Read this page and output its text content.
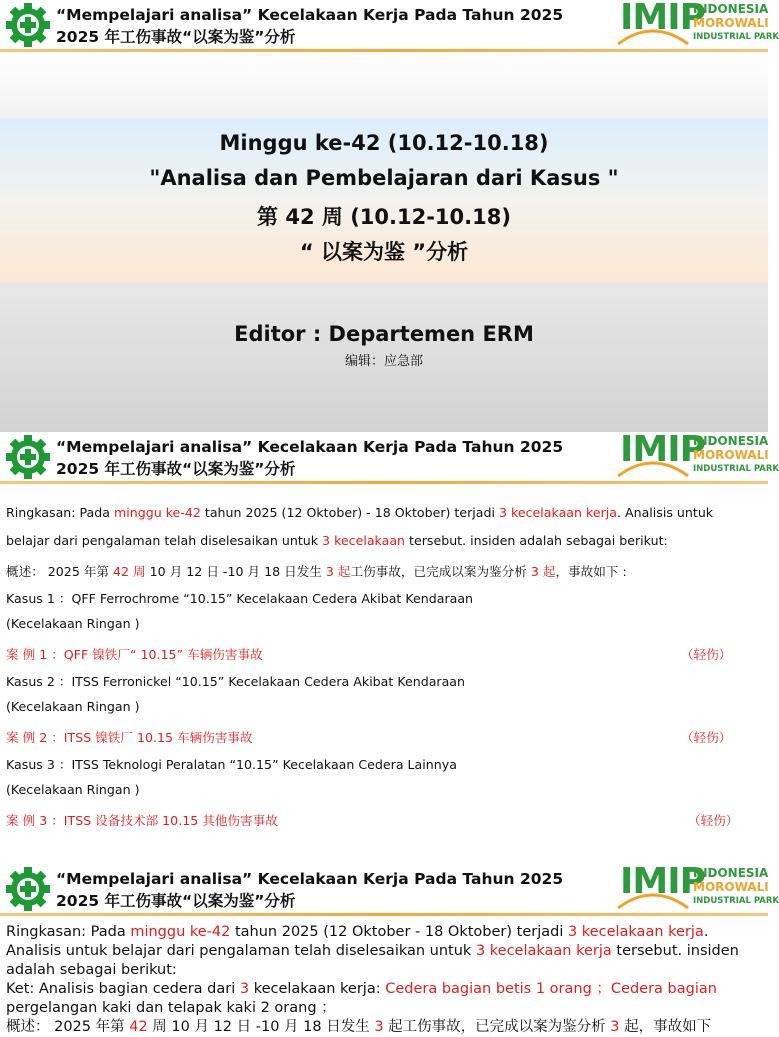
“Mempelajari analisa” Kecelakaan Kerja Pada Tahun 2025
2025 年工伤事故“以案为鉴”分析	IMIP
INDONESIA
MOROWALI
INDUSTRIAL PARK
Minggu ke-42 (10.12-10.18)
"Analisa dan Pembelajaran dari Kasus "
第 42 周 (10.12-10.18)
“ 以案为鉴 ”分析
Editor : Departemen ERM
编辑：应急部
“Mempelajari analisa” Kecelakaan Kerja Pada Tahun 2025
2025 年工伤事故“以案为鉴”分析	IMIP
INDONESIA
MOROWALI
INDUSTRIAL PARK
Ringkasan: Pada minggu ke-42 tahun 2025 (12 Oktober) - 18 Oktober) terjadi 3 kecelakaan kerja. Analisis untuk
belajar dari pengalaman telah diselesaikan untuk 3 kecelakaan tersebut. insiden adalah sebagai berikut:
概述： 2025 年第 42 周 10 月 12 日 -10 月 18 日发生 3 起工伤事故，已完成以案为鉴分析 3 起，事故如下 :
Kasus 1 ：QFF Ferrochrome “10.15” Kecelakaan Cedera Akibat Kendaraan
(Kecelakaan Ringan )
案 例 1 ：QFF 镍铁厂“ 10.15” 车辆伤害事故	（轻伤）
Kasus 2 ：ITSS Ferronickel “10.15” Kecelakaan Cedera Akibat Kendaraan
(Kecelakaan Ringan )
案 例 2 ：ITSS 镍铁厂 10.15 车辆伤害事故	（轻伤）
Kasus 3 ：ITSS Teknologi Peralatan “10.15” Kecelakaan Cedera Lainnya
(Kecelakaan Ringan )
案 例 3 ：ITSS 设备技术部 10.15 其他伤害事故	（轻伤）
“Mempelajari analisa” Kecelakaan Kerja Pada Tahun 2025
2025 年工伤事故“以案为鉴”分析	IMIP
INDONESIA
MOROWALI
INDUSTRIAL PARK
Ringkasan: Pada minggu ke-42 tahun 2025 (12 Oktober - 18 Oktober) terjadi 3 kecelakaan kerja.
Analisis untuk belajar dari pengalaman telah diselesaikan untuk 3 kecelakaan kerja tersebut. insiden
adalah sebagai berikut:
Ket: Analisis bagian cedera dari 3 kecelakaan kerja: Cedera bagian betis 1 orang ；Cedera bagian
pergelangan kaki dan telapak kaki 2 orang ；
概述： 2025 年第 42 周 10 月 12 日 -10 月 18 日发生 3 起工伤事故，已完成以案为鉴分析 3 起，事故如下
